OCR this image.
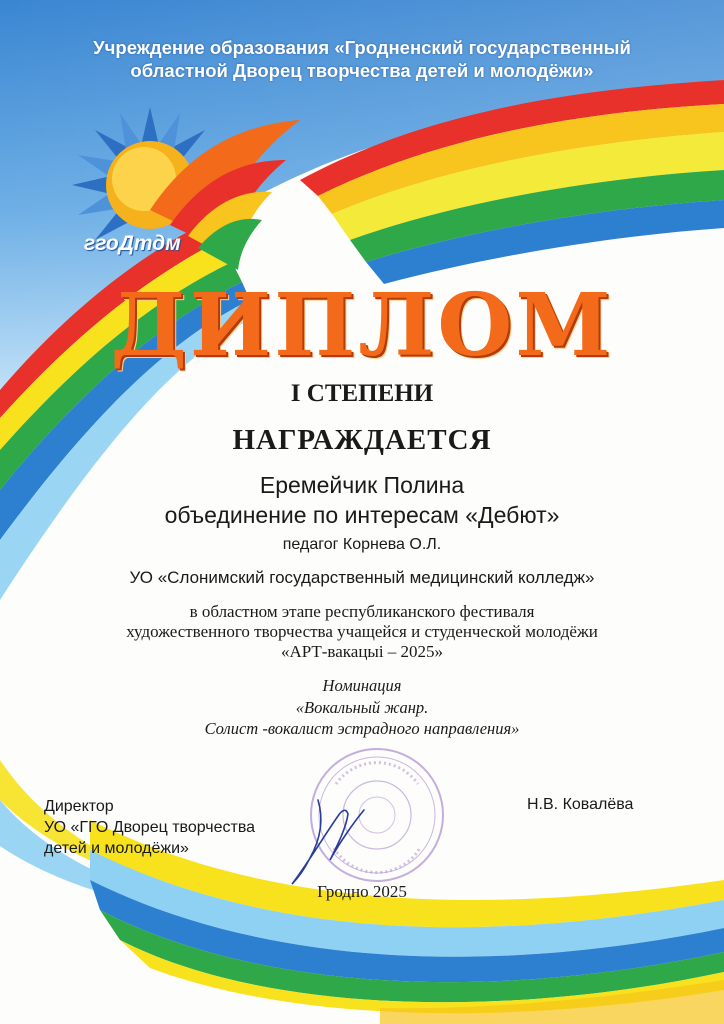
ггоДтдм
Учреждение образования «Гродненский государственный
областной Дворец творчества детей и молодёжи»
ДИПЛОМ
I СТЕПЕНИ
НАГРАЖДАЕТСЯ
Еремейчик Полина
объединение по интересам «Дебют»
педагог Корнева О.Л.
УО «Слонимский государственный медицинский колледж»
в областном этапе республиканского фестиваля
художественного творчества учащейся и студенческой молодёжи
«АРТ-вакацыі – 2025»
Номинация
«Вокальный жанр.
Солист -вокалист эстрадного направления»
Директор
УО «ГГО Дворец творчества
детей и молодёжи»
Н.В. Ковалёва
Гродно 2025
